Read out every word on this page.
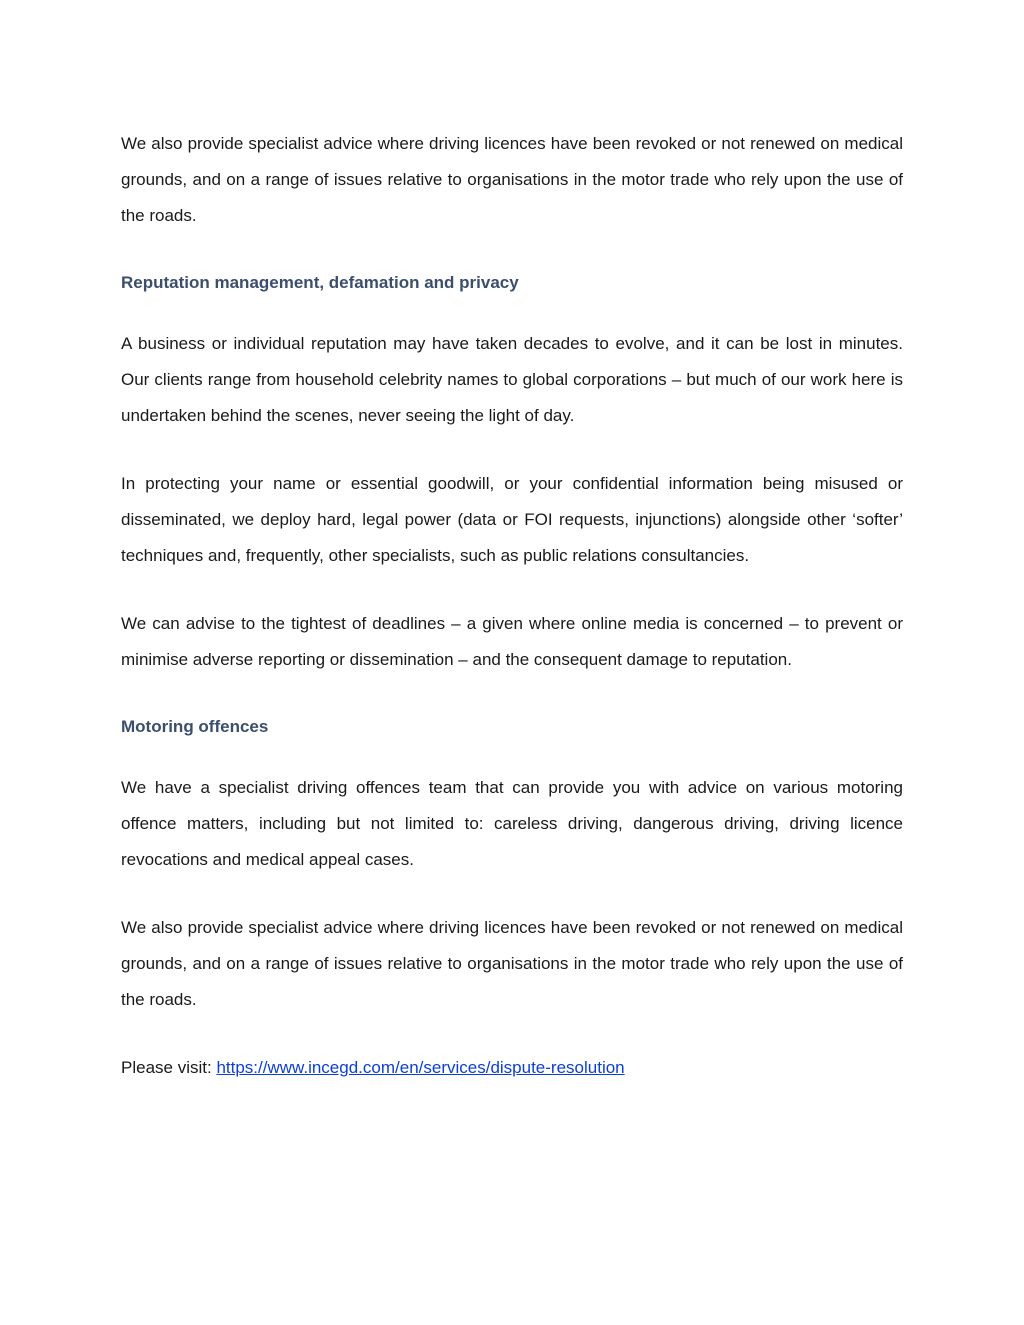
We also provide specialist advice where driving licences have been revoked or not renewed on medical grounds, and on a range of issues relative to organisations in the motor trade who rely upon the use of the roads.

Reputation management, defamation and privacy

A business or individual reputation may have taken decades to evolve, and it can be lost in minutes. Our clients range from household celebrity names to global corporations – but much of our work here is undertaken behind the scenes, never seeing the light of day.

In protecting your name or essential goodwill, or your confidential information being misused or disseminated, we deploy hard, legal power (data or FOI requests, injunctions) alongside other ‘softer’ techniques and, frequently, other specialists, such as public relations consultancies.

We can advise to the tightest of deadlines – a given where online media is concerned – to prevent or minimise adverse reporting or dissemination – and the consequent damage to reputation.

Motoring offences

We have a specialist driving offences team that can provide you with advice on various motoring offence matters, including but not limited to: careless driving, dangerous driving, driving licence revocations and medical appeal cases.

We also provide specialist advice where driving licences have been revoked or not renewed on medical grounds, and on a range of issues relative to organisations in the motor trade who rely upon the use of the roads.

Please visit: https://www.incegd.com/en/services/dispute-resolution
